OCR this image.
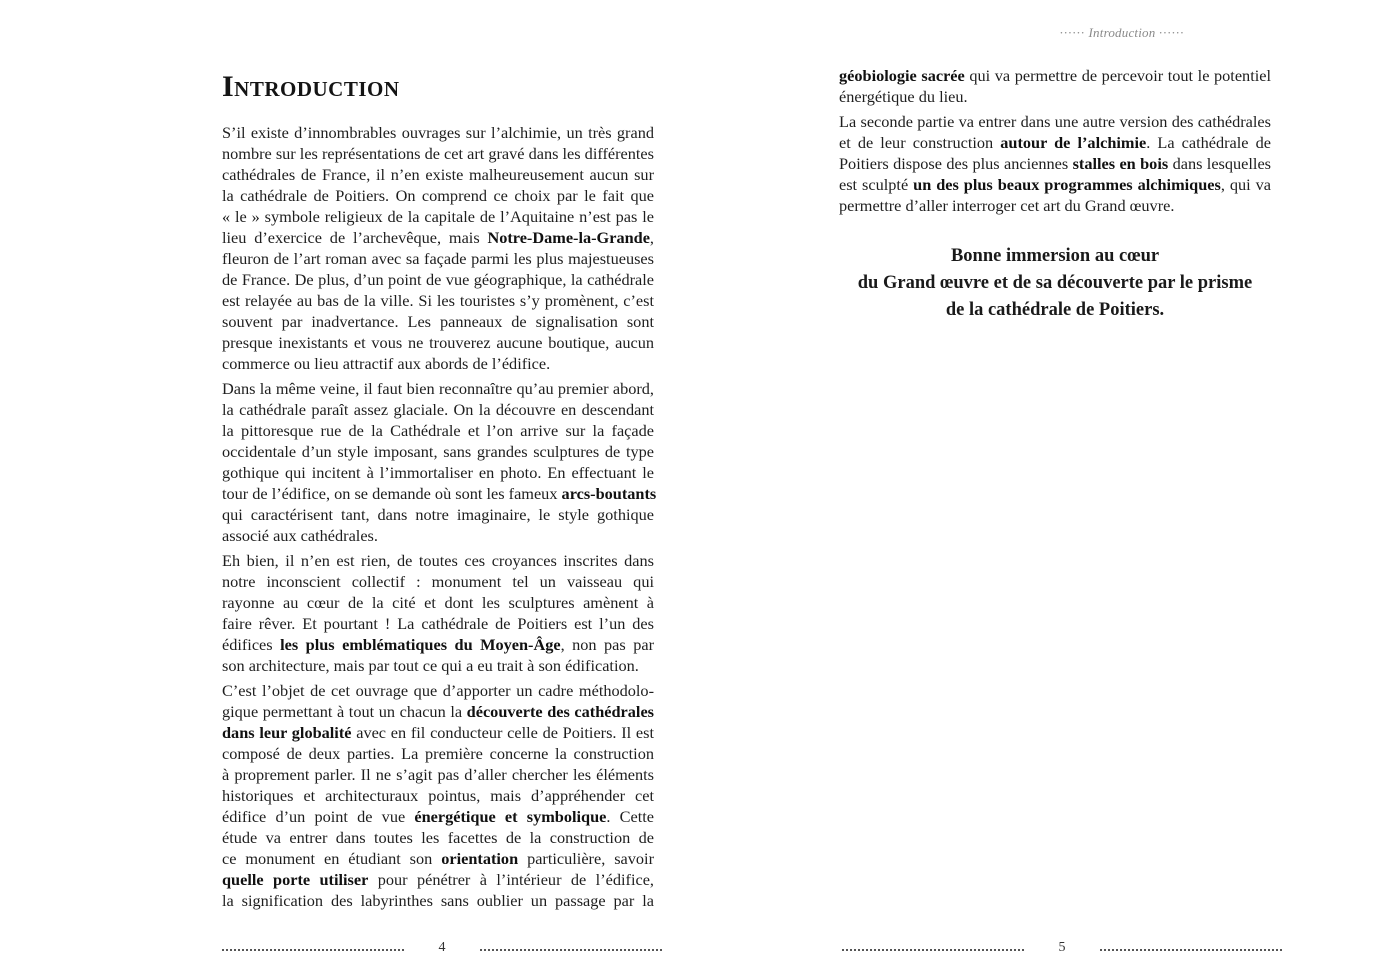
Introduction

S’il existe d’innombrables ouvrages sur l’alchimie, un très grand
nombre sur les représentations de cet art gravé dans les différentes
cathédrales de France, il n’en existe malheureusement aucun sur
la cathédrale de Poitiers. On comprend ce choix par le fait que
« le » symbole religieux de la capitale de l’Aquitaine n’est pas le
lieu d’exercice de l’archevêque, mais Notre-Dame-la-Grande,
fleuron de l’art roman avec sa façade parmi les plus majestueuses
de France. De plus, d’un point de vue géographique, la cathédrale
est relayée au bas de la ville. Si les touristes s’y promènent, c’est
souvent par inadvertance. Les panneaux de signalisation sont
presque inexistants et vous ne trouverez aucune boutique, aucun
commerce ou lieu attractif aux abords de l’édifice.

Dans la même veine, il faut bien reconnaître qu’au premier abord,
la cathédrale paraît assez glaciale. On la découvre en descendant
la pittoresque rue de la Cathédrale et l’on arrive sur la façade
occidentale d’un style imposant, sans grandes sculptures de type
gothique qui incitent à l’immortaliser en photo. En effectuant le
tour de l’édifice, on se demande où sont les fameux arcs-boutants
qui caractérisent tant, dans notre imaginaire, le style gothique
associé aux cathédrales.

Eh bien, il n’en est rien, de toutes ces croyances inscrites dans
notre inconscient collectif : monument tel un vaisseau qui
rayonne au cœur de la cité et dont les sculptures amènent à
faire rêver. Et pourtant ! La cathédrale de Poitiers est l’un des
édifices les plus emblématiques du Moyen-Âge, non pas par
son architecture, mais par tout ce qui a eu trait à son édification.

C’est l’objet de cet ouvrage que d’apporter un cadre méthodolo-
gique permettant à tout un chacun la découverte des cathédrales
dans leur globalité avec en fil conducteur celle de Poitiers. Il est
composé de deux parties. La première concerne la construction
à proprement parler. Il ne s’agit pas d’aller chercher les éléments
historiques et architecturaux pointus, mais d’appréhender cet
édifice d’un point de vue énergétique et symbolique. Cette
étude va entrer dans toutes les facettes de la construction de
ce monument en étudiant son orientation particulière, savoir
quelle porte utiliser pour pénétrer à l’intérieur de l’édifice,
la signification des labyrinthes sans oublier un passage par la

4
······ Introduction ······

géobiologie sacrée qui va permettre de percevoir tout le potentiel
énergétique du lieu.

La seconde partie va entrer dans une autre version des cathédrales
et de leur construction autour de l’alchimie. La cathédrale de
Poitiers dispose des plus anciennes stalles en bois dans lesquelles
est sculpté un des plus beaux programmes alchimiques, qui va
permettre d’aller interroger cet art du Grand œuvre.

Bonne immersion au cœur
du Grand œuvre et de sa découverte par le prisme
de la cathédrale de Poitiers.
5
